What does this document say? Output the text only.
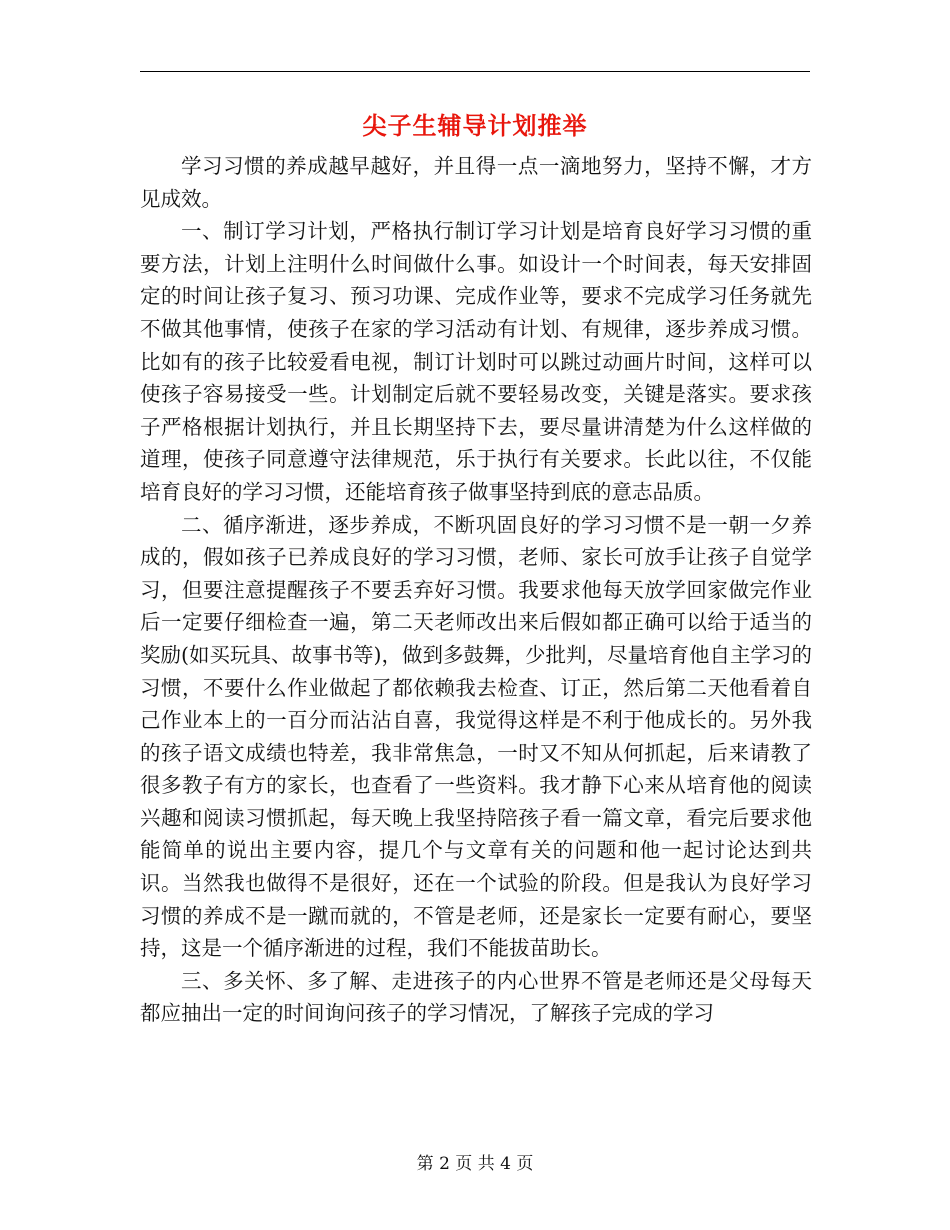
尖子生辅导计划推举

学习习惯的养成越早越好，并且得一点一滴地努力，坚持不懈，才方见成效。

一、制订学习计划，严格执行制订学习计划是培育良好学习习惯的重要方法，计划上注明什么时间做什么事。如设计一个时间表，每天安排固定的时间让孩子复习、预习功课、完成作业等，要求不完成学习任务就先不做其他事情，使孩子在家的学习活动有计划、有规律，逐步养成习惯。比如有的孩子比较爱看电视，制订计划时可以跳过动画片时间，这样可以使孩子容易接受一些。计划制定后就不要轻易改变，关键是落实。要求孩子严格根据计划执行，并且长期坚持下去，要尽量讲清楚为什么这样做的道理，使孩子同意遵守法律规范，乐于执行有关要求。长此以往，不仅能培育良好的学习习惯，还能培育孩子做事坚持到底的意志品质。

二、循序渐进，逐步养成，不断巩固良好的学习习惯不是一朝一夕养成的，假如孩子已养成良好的学习习惯，老师、家长可放手让孩子自觉学习，但要注意提醒孩子不要丢弃好习惯。我要求他每天放学回家做完作业后一定要仔细检查一遍，第二天老师改出来后假如都正确可以给于适当的奖励(如买玩具、故事书等)，做到多鼓舞，少批判，尽量培育他自主学习的习惯，不要什么作业做起了都依赖我去检查、订正，然后第二天他看着自己作业本上的一百分而沾沾自喜，我觉得这样是不利于他成长的。另外我的孩子语文成绩也特差，我非常焦急，一时又不知从何抓起，后来请教了很多教子有方的家长，也查看了一些资料。我才静下心来从培育他的阅读兴趣和阅读习惯抓起，每天晚上我坚持陪孩子看一篇文章，看完后要求他能简单的说出主要内容，提几个与文章有关的问题和他一起讨论达到共识。当然我也做得不是很好，还在一个试验的阶段。但是我认为良好学习习惯的养成不是一蹴而就的，不管是老师，还是家长一定要有耐心，要坚持，这是一个循序渐进的过程，我们不能拔苗助长。

三、多关怀、多了解、走进孩子的内心世界不管是老师还是父母每天都应抽出一定的时间询问孩子的学习情况，了解孩子完成的学习

第 2 页 共 4 页
